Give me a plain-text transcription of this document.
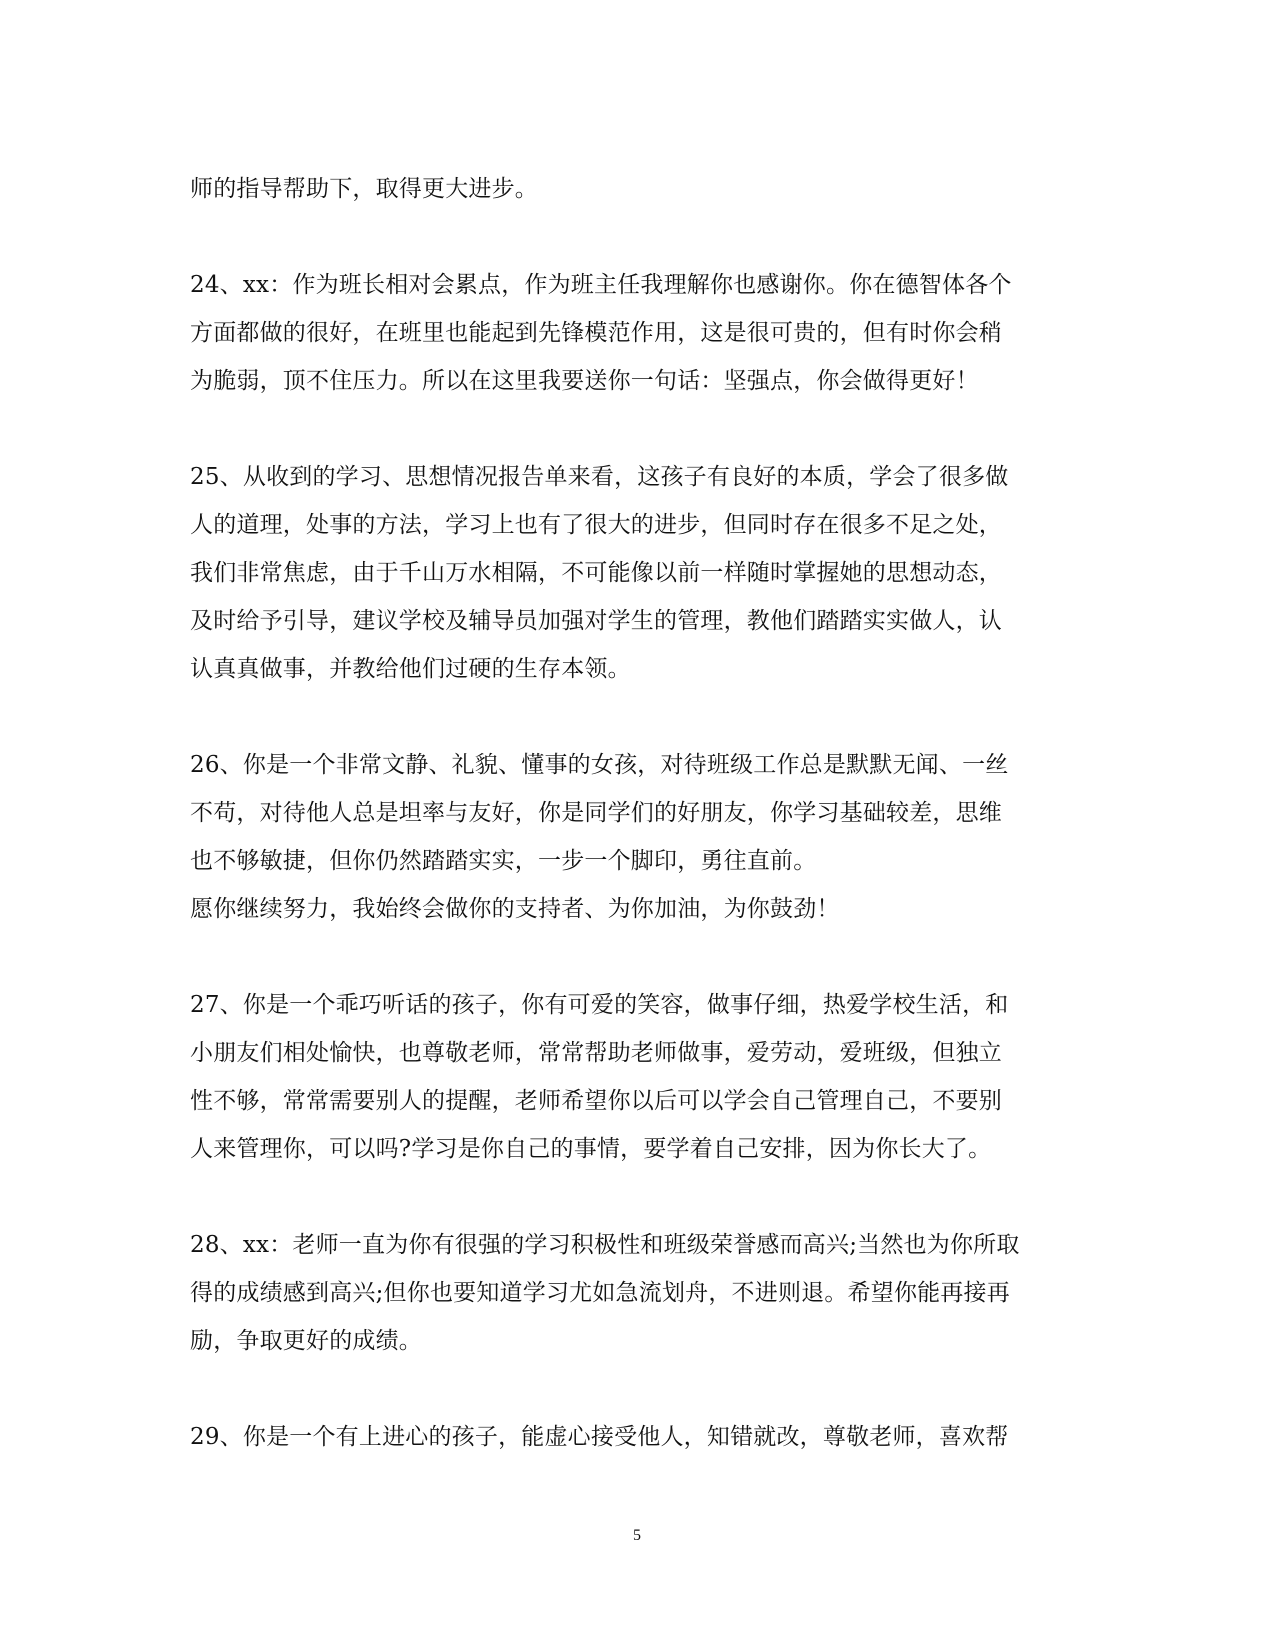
师的指导帮助下，取得更大进步。
24、xx：作为班长相对会累点，作为班主任我理解你也感谢你。你在德智体各个
方面都做的很好，在班里也能起到先锋模范作用，这是很可贵的，但有时你会稍
为脆弱，顶不住压力。所以在这里我要送你一句话：坚强点，你会做得更好！
25、从收到的学习、思想情况报告单来看，这孩子有良好的本质，学会了很多做
人的道理，处事的方法，学习上也有了很大的进步，但同时存在很多不足之处，
我们非常焦虑，由于千山万水相隔，不可能像以前一样随时掌握她的思想动态，
及时给予引导，建议学校及辅导员加强对学生的管理，教他们踏踏实实做人，认
认真真做事，并教给他们过硬的生存本领。
26、你是一个非常文静、礼貌、懂事的女孩，对待班级工作总是默默无闻、一丝
不苟，对待他人总是坦率与友好，你是同学们的好朋友，你学习基础较差，思维
也不够敏捷，但你仍然踏踏实实，一步一个脚印，勇往直前。
愿你继续努力，我始终会做你的支持者、为你加油，为你鼓劲！
27、你是一个乖巧听话的孩子，你有可爱的笑容，做事仔细，热爱学校生活，和
小朋友们相处愉快，也尊敬老师，常常帮助老师做事，爱劳动，爱班级，但独立
性不够，常常需要别人的提醒，老师希望你以后可以学会自己管理自己，不要别
人来管理你，可以吗?学习是你自己的事情，要学着自己安排，因为你长大了。
28、xx：老师一直为你有很强的学习积极性和班级荣誉感而高兴;当然也为你所取
得的成绩感到高兴;但你也要知道学习尤如急流划舟，不进则退。希望你能再接再
励，争取更好的成绩。
29、你是一个有上进心的孩子，能虚心接受他人，知错就改，尊敬老师，喜欢帮
5
